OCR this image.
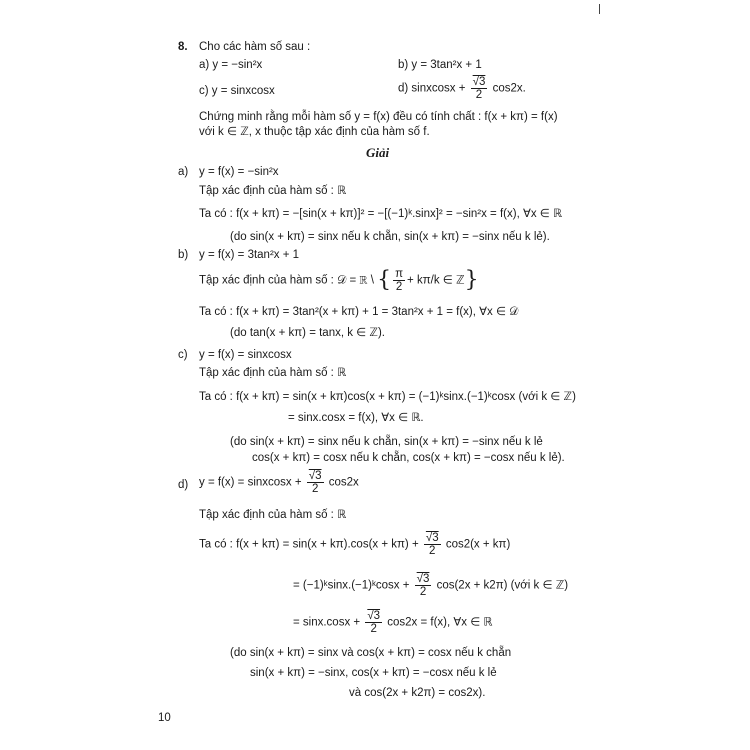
8. Cho các hàm số sau :
a) y = −sin²x	b) y = 3tan²x + 1
c) y = sinxcosx	d) sinxcosx + $\frac{√3}{2} \cos 2x$.
Chứng minh rằng mỗi hàm số y = f(x) đều có tính chất : f(x + kπ) = f(x)
với k ∈ ℤ, x thuộc tập xác định của hàm số f.
Giải
a) y = f(x) = −sin²x
Tập xác định của hàm số : ℝ
Ta có : f(x + kπ) = −[sin(x + kπ)]² = −[(−1)ᵏ.sinx]² = −sin²x = f(x), ∀x ∈ ℝ
(do sin(x + kπ) = sinx nếu k chẵn, sin(x + kπ) = −sinx nếu k lẻ).
b) y = f(x) = 3tan²x + 1
Tập xác định của hàm số : 𝒟 = ℝ \ { $\frac{\pi}{2} + k\pi/k$ ∈ ℤ}
Ta có : f(x + kπ) = 3tan²(x + kπ) + 1 = 3tan²x + 1 = f(x), ∀x ∈ 𝒟
(do tan(x + kπ) = tanx, k ∈ ℤ).
c) y = f(x) = sinxcosx
Tập xác định của hàm số : ℝ
Ta có : f(x + kπ) = sin(x + kπ)cos(x + kπ) = (−1)ᵏsinx.(−1)ᵏcosx (với k ∈ ℤ)
= sinx.cosx = f(x), ∀x ∈ ℝ.
(do sin(x + kπ) = sinx nếu k chẵn, sin(x + kπ) = −sinx nếu k lẻ
cos(x + kπ) = cosx nếu k chẵn, cos(x + kπ) = −cosx nếu k lẻ).
d) y = f(x) = sinxcosx + $\frac{√3}{2} \cos 2x$
Tập xác định của hàm số : ℝ
Ta có : $f(x + k\pi) = \sin(x + k\pi).\cos(x + k\pi) + \frac{√3}{2} \cos 2(x + k\pi)$
= (−1)ᵏsinx.(−1)ᵏcosx + $\frac{√3}{2} \cos(2x + k2\pi)$ (với k ∈ ℤ)
= $\sin x.\cos x + \frac{√3}{2} \cos 2x = f(x)$, ∀x ∈ ℝ
(do sin(x + kπ) = sinx và cos(x + kπ) = cosx nếu k chẵn
sin(x + kπ) = −sinx, cos(x + kπ) = −cosx nếu k lẻ
và cos(2x + k2π) = cos2x).
10
